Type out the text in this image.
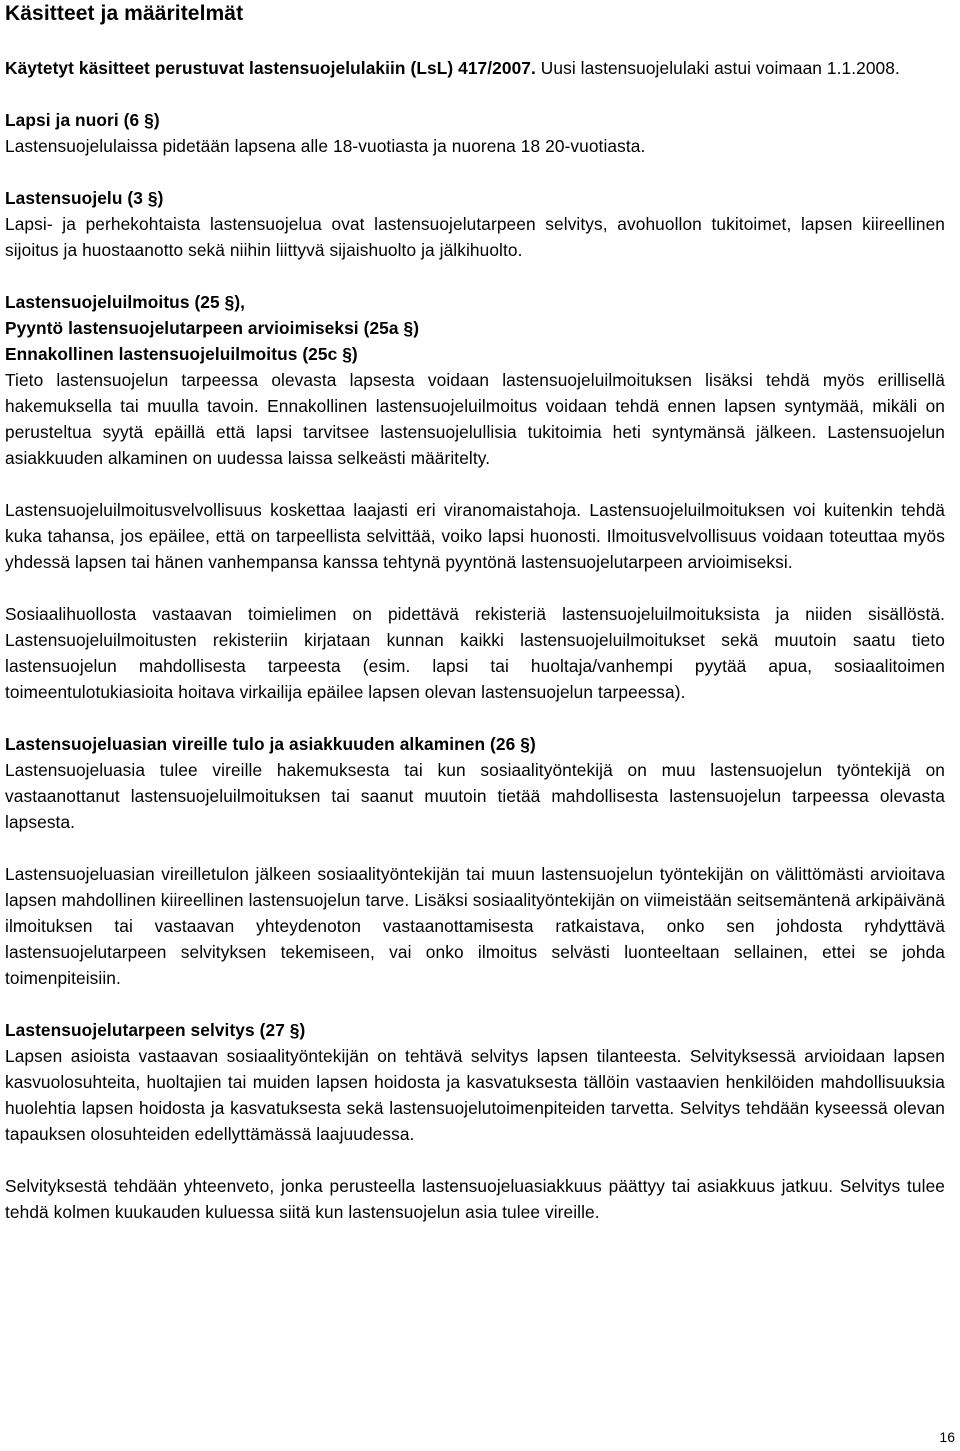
Käsitteet ja määritelmät

Käytetyt käsitteet perustuvat lastensuojelulakiin (LsL) 417/2007. Uusi lastensuojelulaki astui voimaan 1.1.2008.

Lapsi ja nuori (6 §)
Lastensuojelulaissa pidetään lapsena alle 18-vuotiasta ja nuorena 18 20-vuotiasta.

Lastensuojelu (3 §)
Lapsi- ja perhekohtaista lastensuojelua ovat lastensuojelutarpeen selvitys, avohuollon tukitoimet, lapsen kiireellinen sijoitus ja huostaanotto sekä niihin liittyvä sijaishuolto ja jälkihuolto.

Lastensuojeluilmoitus (25 §),
Pyyntö lastensuojelutarpeen arvioimiseksi (25a §)
Ennakollinen lastensuojeluilmoitus (25c §)
Tieto lastensuojelun tarpeessa olevasta lapsesta voidaan lastensuojeluilmoituksen lisäksi tehdä myös erillisellä hakemuksella tai muulla tavoin. Ennakollinen lastensuojeluilmoitus voidaan tehdä ennen lapsen syntymää, mikäli on perusteltua syytä epäillä että lapsi tarvitsee lastensuojelullisia tukitoimia heti syntymänsä jälkeen. Lastensuojelun asiakkuuden alkaminen on uudessa laissa selkeästi määritelty.

Lastensuojeluilmoitusvelvollisuus koskettaa laajasti eri viranomaistahoja. Lastensuojeluilmoituksen voi kuitenkin tehdä kuka tahansa, jos epäilee, että on tarpeellista selvittää, voiko lapsi huonosti. Ilmoitusvelvollisuus voidaan toteuttaa myös yhdessä lapsen tai hänen vanhempansa kanssa tehtynä pyyntönä lastensuojelutarpeen arvioimiseksi.

Sosiaalihuollosta vastaavan toimielimen on pidettävä rekisteriä lastensuojeluilmoituksista ja niiden sisällöstä. Lastensuojeluilmoitusten rekisteriin kirjataan kunnan kaikki lastensuojeluilmoitukset sekä muutoin saatu tieto lastensuojelun mahdollisesta tarpeesta (esim. lapsi tai huoltaja/vanhempi pyytää apua, sosiaalitoimen toimeentulotukiasioita hoitava virkailija epäilee lapsen olevan lastensuojelun tarpeessa).

Lastensuojeluasian vireille tulo ja asiakkuuden alkaminen (26 §)
Lastensuojeluasia tulee vireille hakemuksesta tai kun sosiaalityöntekijä on muu lastensuojelun työntekijä on vastaanottanut lastensuojeluilmoituksen tai saanut muutoin tietää mahdollisesta lastensuojelun tarpeessa olevasta lapsesta.

Lastensuojeluasian vireilletulon jälkeen sosiaalityöntekijän tai muun lastensuojelun työntekijän on välittömästi arvioitava lapsen mahdollinen kiireellinen lastensuojelun tarve. Lisäksi sosiaalityöntekijän on viimeistään seitsemäntenä arkipäivänä ilmoituksen tai vastaavan yhteydenoton vastaanottamisesta ratkaistava, onko sen johdosta ryhdyttävä lastensuojelutarpeen selvityksen tekemiseen, vai onko ilmoitus selvästi luonteeltaan sellainen, ettei se johda toimenpiteisiin.

Lastensuojelutarpeen selvitys (27 §)
Lapsen asioista vastaavan sosiaalityöntekijän on tehtävä selvitys lapsen tilanteesta. Selvityksessä arvioidaan lapsen kasvuolosuhteita, huoltajien tai muiden lapsen hoidosta ja kasvatuksesta tällöin vastaavien henkilöiden mahdollisuuksia huolehtia lapsen hoidosta ja kasvatuksesta sekä lastensuojelutoimenpiteiden tarvetta. Selvitys tehdään kyseessä olevan tapauksen olosuhteiden edellyttämässä laajuudessa.

Selvityksestä tehdään yhteenveto, jonka perusteella lastensuojeluasiakkuus päättyy tai asiakkuus jatkuu. Selvitys tulee tehdä kolmen kuukauden kuluessa siitä kun lastensuojelun asia tulee vireille.

16
